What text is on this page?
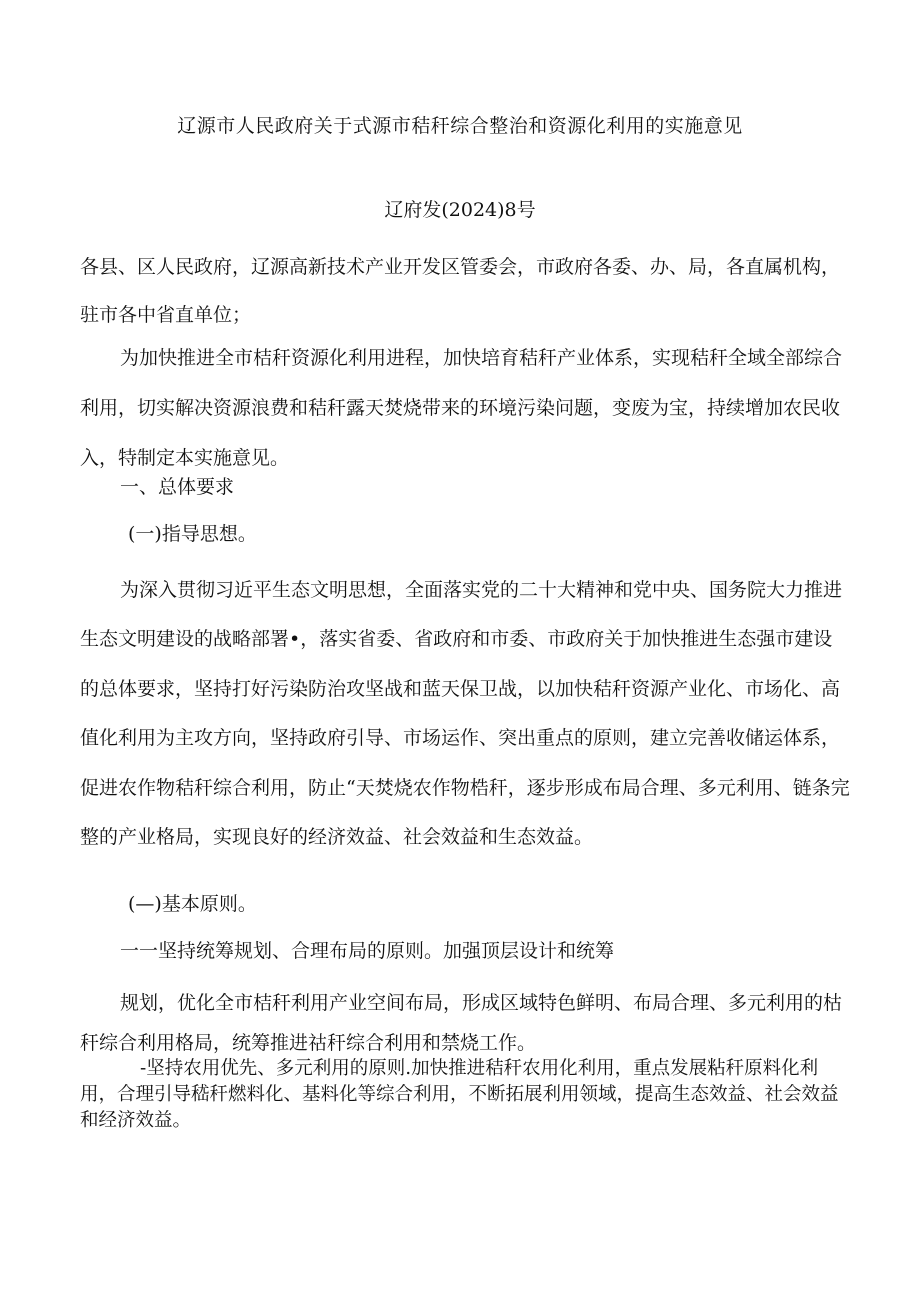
辽源市人民政府关于式源市秸秆综合整治和资源化利用的实施意见
辽府发(2024)8号

各县、区人民政府，辽源高新技术产业开发区管委会，市政府各委、办、局，各直属机构，驻市各中省直单位；

为加快推进全市桔秆资源化利用进程，加快培育秸秆产业体系，实现秸秆全域全部综合利用，切实解决资源浪费和秸秆露天焚烧带来的环境污染问题，变废为宝，持续增加农民收入，特制定本实施意见。

一、总体要求

(一)指导思想。

为深入贯彻习近平生态文明思想，全面落实党的二十大精神和党中央、国务院大力推进生态文明建设的战略部署•，落实省委、省政府和市委、市政府关于加快推进生态强市建设的总体要求，坚持打好污染防治攻坚战和蓝天保卫战，以加快秸秆资源产业化、市场化、高值化利用为主攻方向，坚持政府引导、市场运作、突出重点的原则，建立完善收储运体系，促进农作物秸秆综合利用，防止“天焚烧农作物梏秆，逐步形成布局合理、多元利用、链条完整的产业格局，实现良好的经济效益、社会效益和生态效益。

(—)基本原则。

一一坚持统筹规划、合理布局的原则。加强顶层设计和统筹

规划，优化全市桔秆利用产业空间布局，形成区域特色鲜明、布局合理、多元利用的枯秆综合利用格局，统筹推进祜秆综合利用和禁烧工作。

-坚持农用优先、多元利用的原则.加快推进秸秆农用化利用，重点发展粘秆原料化利用，合理引导嵇秆燃料化、基料化等综合利用，不断拓展利用领域，提高生态效益、社会效益和经济效益。
